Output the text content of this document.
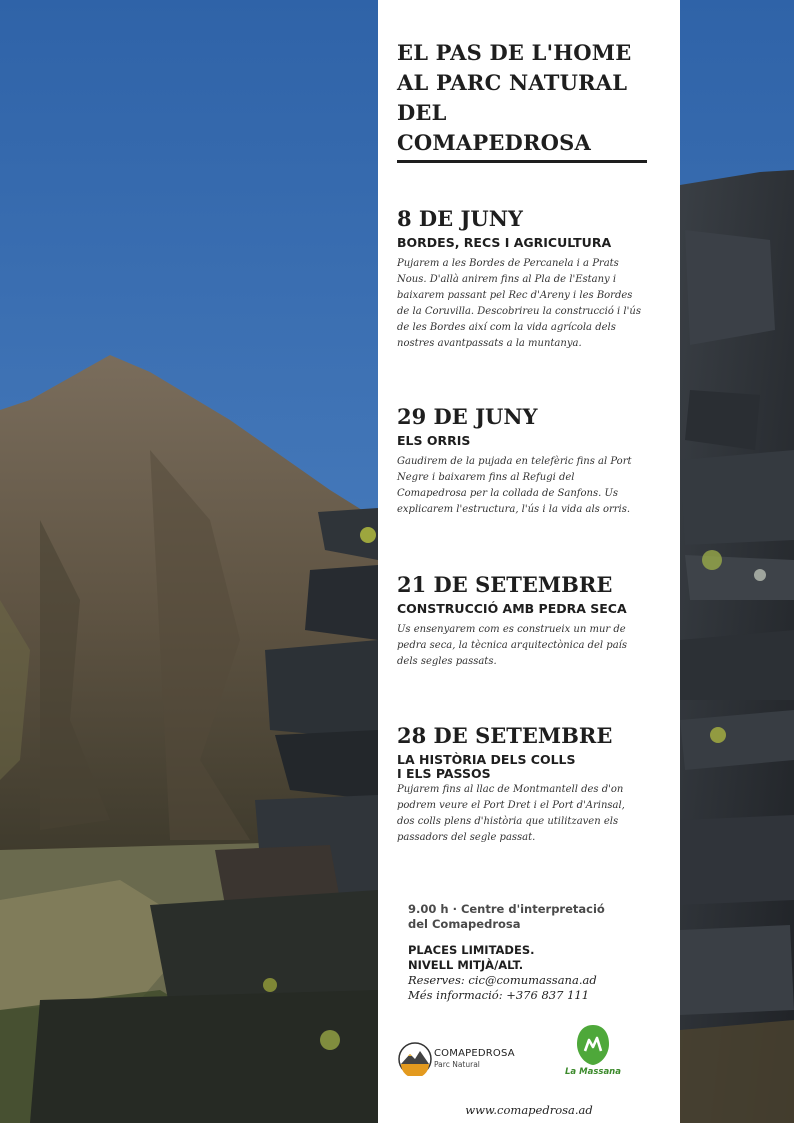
EL PAS DE L'HOME
AL PARC NATURAL
DEL COMAPEDROSA
8 DE JUNY
BORDES, RECS I AGRICULTURA
Pujarem a les Bordes de Percanela i a Prats Nous. D'allà anirem fins al Pla de l'Estany i baixarem passant pel Rec d'Areny i les Bordes de la Coruvilla. Descobrireu la construcció i l'ús de les Bordes així com la vida agrícola dels nostres avantpassats a la muntanya.
29 DE JUNY
ELS ORRIS
Gaudirem de la pujada en telefèric fins al Port Negre i baixarem fins al Refugi del Comapedrosa per la collada de Sanfons. Us explicarem l'estructura, l'ús i la vida als orris.
21 DE SETEMBRE
CONSTRUCCIÓ AMB PEDRA SECA
Us ensenyarem com es construeix un mur de pedra seca, la tècnica arquitectònica del país dels segles passats.
28 DE SETEMBRE
LA HISTÒRIA DELS COLLS
I ELS PASSOS
Pujarem fins al llac de Montmantell des d'on podrem veure el Port Dret i el Port d'Arinsal, dos colls plens d'història que utilitzaven els passadors del segle passat.
9.00 h · Centre d'interpretació
del Comapedrosa
PLACES LIMITADES.
NIVELL MITJÀ/ALT.
Reserves: cic@comumassana.ad
Més informació: +376 837 111
COMAPEDROSA
Parc Natural
La Massana
www.comapedrosa.ad
